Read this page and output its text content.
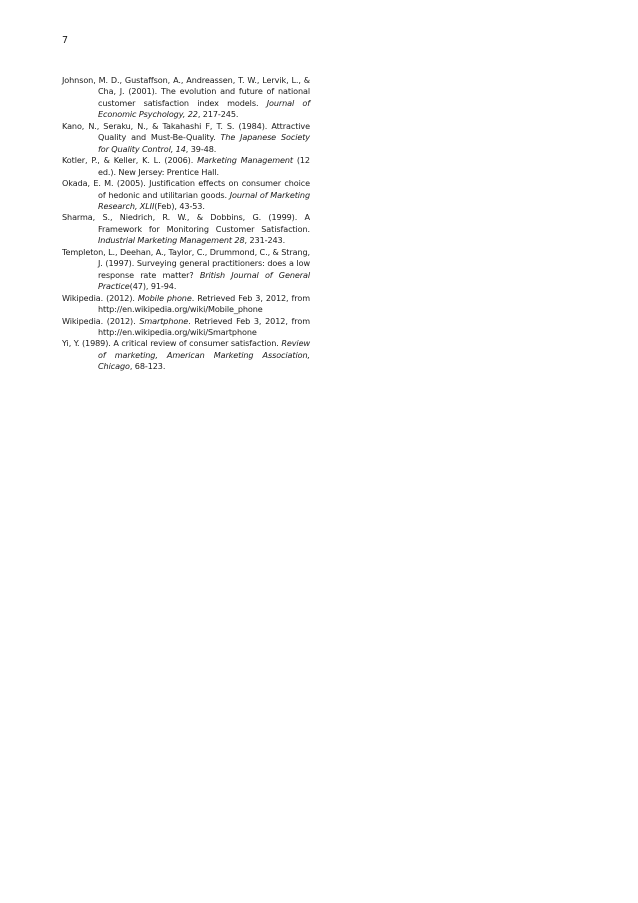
7

Johnson, M. D., Gustaffson, A., Andreassen, T. W., Lervik, L., & Cha, J. (2001). The evolution and future of national customer satisfaction index models. Journal of Economic Psychology, 22, 217-245.

Kano, N., Seraku, N., & Takahashi F, T. S. (1984). Attractive Quality and Must-Be-Quality. The Japanese Society for Quality Control, 14, 39-48.

Kotler, P., & Keller, K. L. (2006). Marketing Management (12 ed.). New Jersey: Prentice Hall.

Okada, E. M. (2005). Justification effects on consumer choice of hedonic and utilitarian goods. Journal of Marketing Research, XLII(Feb), 43-53.

Sharma, S., Niedrich, R. W., & Dobbins, G. (1999). A Framework for Monitoring Customer Satisfaction. Industrial Marketing Management 28, 231-243.

Templeton, L., Deehan, A., Taylor, C., Drummond, C., & Strang, J. (1997). Surveying general practitioners: does a low response rate matter? British Journal of General Practice(47), 91-94.

Wikipedia. (2012). Mobile phone. Retrieved Feb 3, 2012, from http://en.wikipedia.org/wiki/Mobile_phone

Wikipedia. (2012). Smartphone. Retrieved Feb 3, 2012, from http://en.wikipedia.org/wiki/Smartphone

Yi, Y. (1989). A critical review of consumer satisfaction. Review of marketing, American Marketing Association, Chicago, 68-123.
